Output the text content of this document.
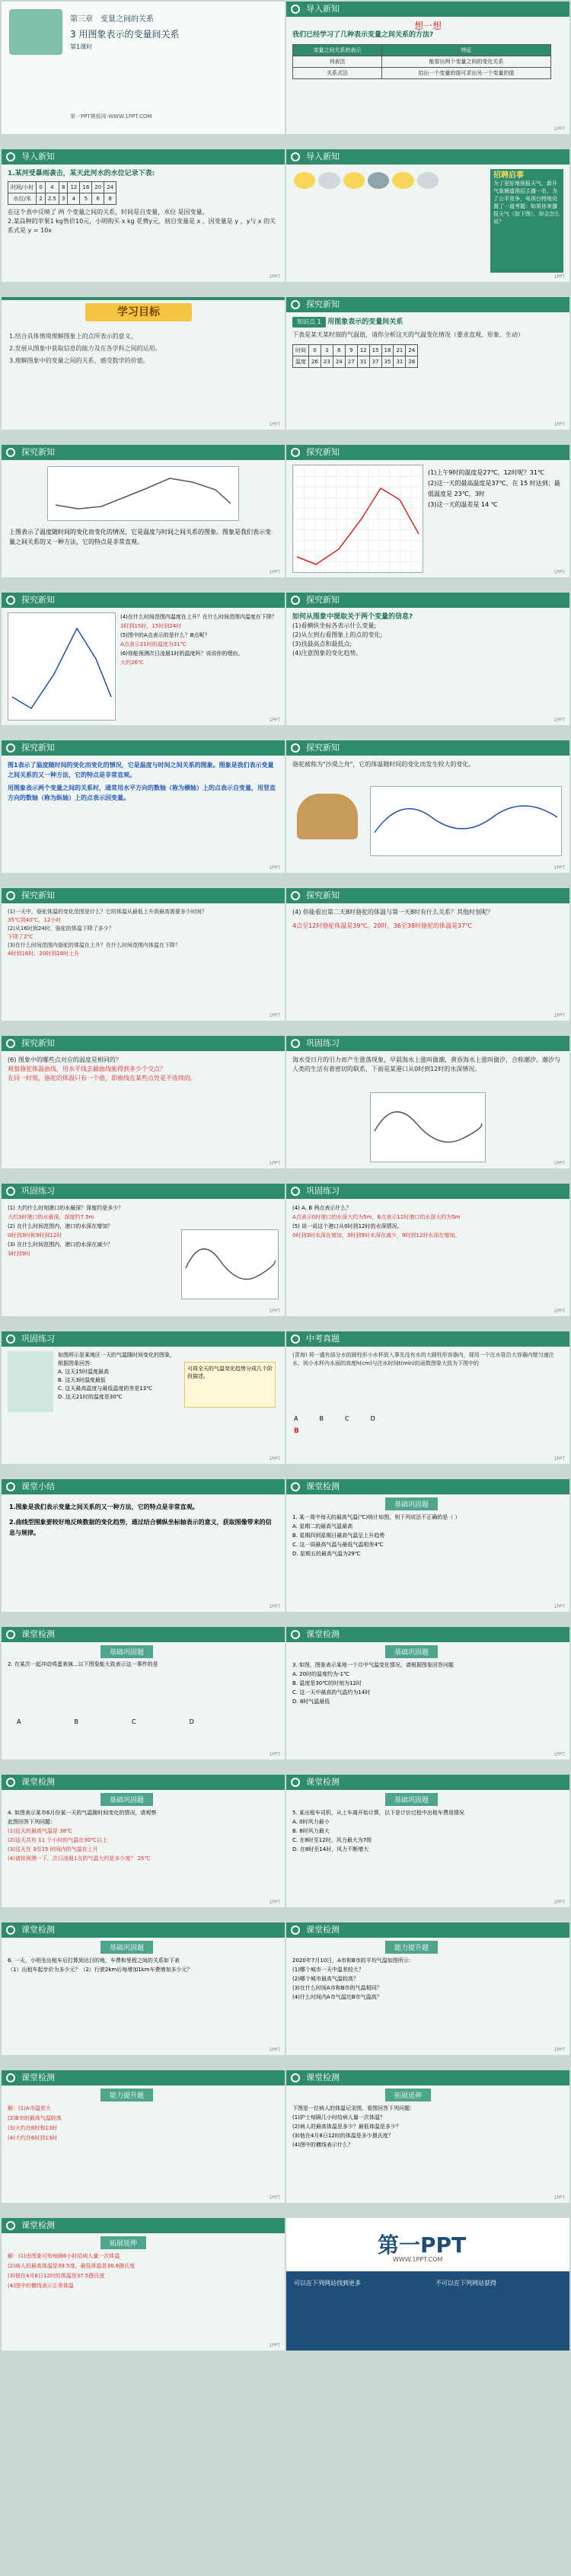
第三章　变量之间的关系
3 用图象表示的变量间关系
第1课时
第一PPT模板网-WWW.1PPT.COM
导入新知
想一想
我们已经学习了几种表示变量之间关系的方法?
变量之间关系的表示	特征
列表法	能看出两个变量之间的变化关系
关系式法	给出一个变量的值可求出另一个变量的值
1PPT
导入新知
1.某河受暴雨袭击，某天此河水的水位记录下表:
时间/小时	0	4	8	12	16	20	24
水位/米	2	2.5	3	4	5	6	8
在这个表中反映了 两 个变量之间的关系，时间是自变量，水位 是因变量。
2.某品种的苹果1 kg售价10元，小明购买 x kg 花费y元，则自变量是 x ，因变量是 y ，y与 x 的关系式是 y = 10x
1PPT
导入新知
招聘启事
为了更好地预报天气，新开气象频道现招主播一名，为了公平竞争，电视台特地设置了一道考题：如果你来播报天气（如下图），你会怎么说？
1PPT
学习目标
1.结合具体情境理解图象上的点所表示的意义。
2.发展从图象中获取信息的能力及在各学科之间的运用。
3.理解图象中的变量之间的关系，感受数学的价值。
1PPT
探究新知
知识点 1 用图象表示的变量间关系
下表是某天某时刻的气温值，请你分析这天的气温变化情况（要求直观、形象、生动）
时间	0	3	6	9	12	15	18	21	24
温度	26	23	24	27	31	37	35	31	26
1PPT
探究新知
上图表示了温度随时间的变化而变化的情况，它是温度与时间之间关系的图象。图象是我们表示变量之间关系的又一种方法，它的特点是非常直观。
1PPT
探究新知
(1)上午9时的温度是27℃，12时呢？31℃
(2)这一天的最高温度是37℃，在 15 时达到；最低温度是 23℃，3时
(3)这一天的温差是 14 ℃
1PPT
探究新知
(4)在什么时间范围内温度在上升？在什么时间范围内温度在下降？
3时到15时，15时到24时
(5)图中的A点表示的是什么？B点呢？
A点表示21时的温度为31℃
(6)你能预测次日凌晨1时的温度吗？说说你的理由。
大约26℃
1PPT
探究新知
如何从图象中提取关于两个变量的信息?
(1)看横纵坐标各表示什么变量;
(2)从左到右看图象上的点的变化;
(3)找最高点和最低点;
(4)注意图象的变化趋势。
1PPT
探究新知
图1表示了温度随时间的变化而变化的情况，它是温度与时间之间关系的图象。图象是我们表示变量之间关系的又一种方法，它的特点是非常直观。
用图象表示两个变量之间的关系时，通常用水平方向的数轴（称为横轴）上的点表示自变量，用竖直方向的数轴（称为纵轴）上的点表示因变量。
1PPT
探究新知
骆驼被称为"沙漠之舟"，它的体温随时间的变化而发生较大的变化。
1PPT
探究新知
(1)一天中，骆驼体温的变化范围是什么？它的体温从最低上升到最高需要多少时间？
35℃到40℃，12小时
(2)从16时到24时，骆驼的体温下降了多少？
下降了2℃
(3)在什么时间范围内骆驼的体温在上升？在什么时间范围内体温在下降？
4时到16时，20时到28时上升
1PPT
探究新知
(4) 你能看出第二天8时骆驼的体温与第一天8时有什么关系？其他时刻呢？
4点至12时骆驼体温是39℃，20时，36至38时骆驼的体温是37℃
1PPT
探究新知
(6) 图象中的哪些点对应的温度是相同的？
观察骆驼体温曲线，用水平线去截曲线能得到多少个交点？
在同一时刻，骆驼的体温只有一个值，即曲线在某些点处是不连续的。
1PPT
巩固练习
海水受日月的引力而产生涨落现象，早晨海水上涨叫做潮，黄昏海水上涨叫做汐，合称潮汐。潮汐与人类的生活有着密切的联系，下面是某港口从0时到12时的水深情况。
1PPT
巩固练习
(1) 大约什么时刻港口的水最深？深度约是多少？
大约3时港口的水最深，深度约7.5m
(2) 在什么时间范围内，港口的水深在增加？
0时到3时和9时到12时
(3) 在什么时间范围内，港口的水深在减少？
3时到9时
1PPT
巩固练习
(4) A, B 两点表示什么？
A点表示0时港口的水深大约为5m，B点表示12时港口的水深大约为5m
(5) 说一说这个港口从0时到12时的水深情况。
0时到3时水深在增加，3时到9时水深在减少，9时到12时水深在增加。
1PPT
巩固练习
如图所示是某地区一天的气温随时间变化的图象，根据图象回答：
A. 这天15时温度最高
B. 这天3时温度最低
C. 这天最高温度与最低温度的差是13℃
D. 这天21时的温度是30℃
可将全天的气温变化趋势分成几个阶段描述。
1PPT
中考真题
(青海) 将一盛有部分水的圆柱形小水杯放入事先没有水的大圆柱形容器内，现用一个注水管沿大容器内壁匀速注水，则小水杯内水面的高度h(cm)与注水时间t(min)的函数图象大致为下图中的
A	B	C	D
B
1PPT
课堂小结
1.图象是我们表示变量之间关系的又一种方法，它的特点是非常直观。
2.曲线型图象要较好地反映数据的变化趋势，通过结合横纵坐标轴表示的意义，获取图像带来的信息与规律。
1PPT
课堂检测
基础巩固题
1. 某一周中每天的最高气温(℃)统计如图，则下列说法不正确的是（ ）
A. 星期二的最高气温最高
B. 星期四到星期日最高气温呈上升趋势
C. 这一周最高气温与最低气温相差4℃
D. 星期五的最高气温为29℃
1PPT
课堂检测
基础巩固题
2. 在某次一起冲动鸡蛋表演...以下图象能大致表示这一事件的是
A	B	C	D
1PPT
课堂检测
基础巩固题
3. 如图，图象表示某地一个月中气温变化情况，请根据图象回答问题
A. 20时的温度约为-1℃
B. 温度是30℃的时刻为12时
C. 这一天中最高的气温约为14时
D. 8时气温最低
1PPT
课堂检测
基础巩固题
4. 如图表示某市6月份某一天的气温随时间变化的情况，请观察此图回答下列问题：
(1)这天的最高气温是 38℃
(2)这天共有 11 个小时的气温在30℃以上
(3)这天在 3至15 时间内的气温在上升
(4)请你预测一下，次日凌晨1点的气温大约是多少度？ 25℃
1PPT
课堂检测
基础巩固题
5. 某出租车司机，从上车离开始计算，以下是计价过程中出租车费用情况
A. 0时风力最小
B. 8时风力最大
C. 在8时至12时，风力最大为7级
D. 在8时至14时，风力不断增大
1PPT
课堂检测
基础巩固题
6. 一天，小明坐出租车后打算到达目的地，车费和里程之间的关系如下表
（1）出租车起步价为多少元？（2）行驶2km后每增加1km车费增加多少元？
1PPT
课堂检测
能力提升题
2020年7月10日，A市和B市的平均气温如图所示：
(1)哪个城市一天中温差较大？
(2)哪个城市最高气温较高？
(3)在什么时间A市和B市的气温相同？
(4)什么时间内A市气温比B市气温高？
1PPT
课堂检测
能力提升题
解：(1)A市温差大
(2)B市的最高气温较高
(3)大约在6时和13时
(4)大约在6时到13时
1PPT
课堂检测
拓展延伸
下图是一位病人的体温记录图，看图回答下列问题：
(1)护士每隔几小时给病人量一次体温？
(2)病人的最高体温是多少？最低体温是多少？
(3)他在4月8日12时的体温是多少摄氏度？
(4)图中的横线表示什么？
1PPT
课堂检测
拓展延伸
解：(1)由图象可知每隔6小时给病人量一次体温
(2)病人的最高体温是39.5度，最低体温是36.8摄氏度
(3)他在4月8日12时的体温是37.5摄氏度
(4)图中的横线表示正常体温
1PPT
第一PPT
WWW.1PPT.COM
可以在下列网站找到更多	不可以在下列网站获得
